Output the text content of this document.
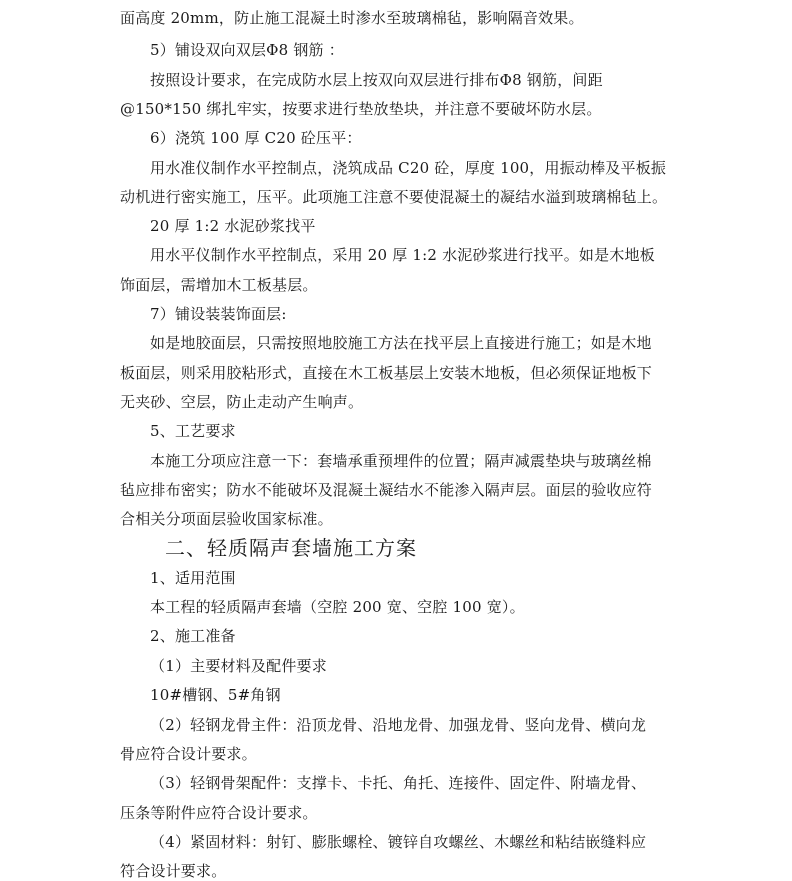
面高度 20mm，防止施工混凝土时渗水至玻璃棉毡，影响隔音效果。
5）铺设双向双层Φ8 钢筋 ：
按照设计要求，在完成防水层上按双向双层进行排布Φ8 钢筋，间距
@150*150 绑扎牢实，按要求进行垫放垫块，并注意不要破坏防水层。
6）浇筑 100 厚 C20 砼压平：
用水准仪制作水平控制点，浇筑成品 C20 砼，厚度 100，用振动棒及平板振
动机进行密实施工，压平。此项施工注意不要使混凝土的凝结水溢到玻璃棉毡上。
20 厚 1:2 水泥砂浆找平
用水平仪制作水平控制点，采用 20 厚 1:2 水泥砂浆进行找平。如是木地板
饰面层，需增加木工板基层。
7）铺设装装饰面层:
如是地胶面层，只需按照地胶施工方法在找平层上直接进行施工；如是木地
板面层，则采用胶粘形式，直接在木工板基层上安装木地板，但必须保证地板下
无夹砂、空层，防止走动产生响声。
5、工艺要求
本施工分项应注意一下：套墙承重预埋件的位置；隔声减震垫块与玻璃丝棉
毡应排布密实；防水不能破坏及混凝土凝结水不能渗入隔声层。面层的验收应符
合相关分项面层验收国家标准。
二、轻质隔声套墙施工方案
1、适用范围
本工程的轻质隔声套墙（空腔 200 宽、空腔 100 宽）。
2、施工准备
（1）主要材料及配件要求
10#槽钢、5#角钢
（2）轻钢龙骨主件：沿顶龙骨、沿地龙骨、加强龙骨、竖向龙骨、横向龙
骨应符合设计要求。
（3）轻钢骨架配件：支撑卡、卡托、角托、连接件、固定件、附墙龙骨、
压条等附件应符合设计要求。
（4）紧固材料：射钉、膨胀螺栓、镀锌自攻螺丝、木螺丝和粘结嵌缝料应
符合设计要求。
